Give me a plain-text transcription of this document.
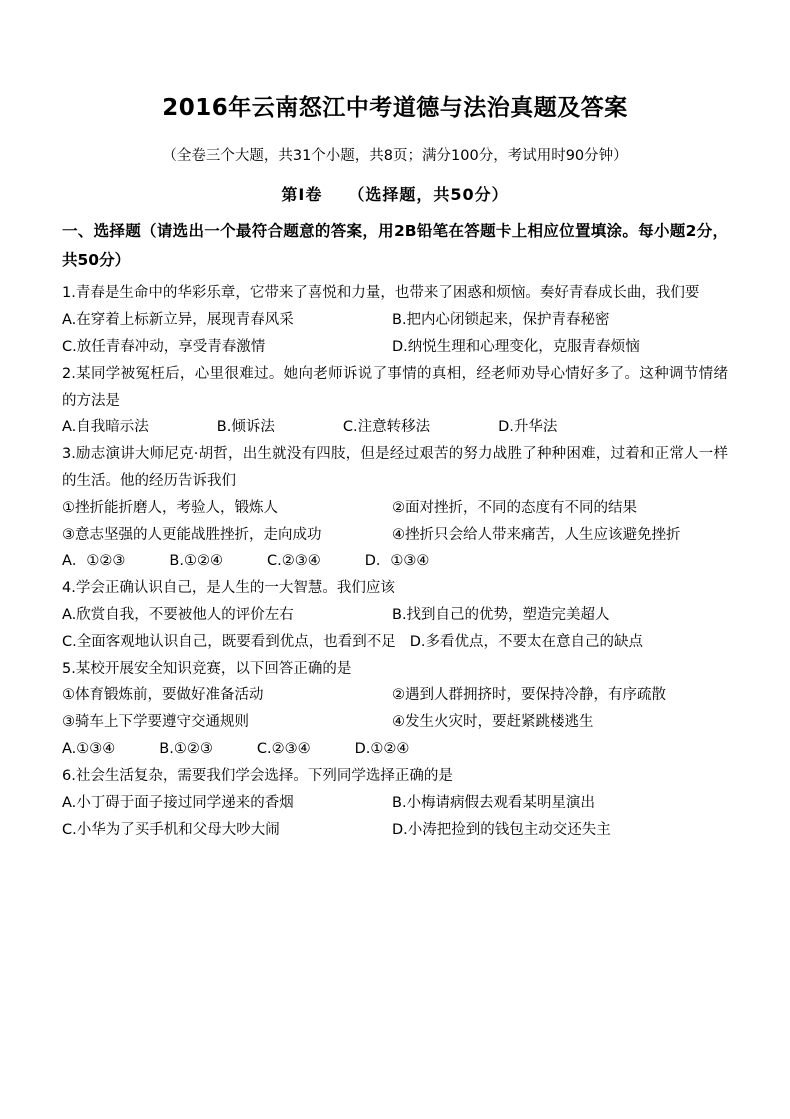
2016年云南怒江中考道德与法治真题及答案

（全卷三个大题，共31个小题，共8页；满分100分，考试用时90分钟）

第Ⅰ卷 （选择题，共50分）

一、选择题（请选出一个最符合题意的答案，用2B铅笔在答题卡上相应位置填涂。每小题2分，共50分）

1.青春是生命中的华彩乐章，它带来了喜悦和力量，也带来了困惑和烦恼。奏好青春成长曲，我们要

A.在穿着上标新立异，展现青春风采	B.把内心闭锁起来，保护青春秘密
C.放任青春冲动，享受青春激情	D.纳悦生理和心理变化，克服青春烦恼

2.某同学被冤枉后，心里很难过。她向老师诉说了事情的真相，经老师劝导心情好多了。这种调节情绪的方法是

A.自我暗示法	B.倾诉法	C.注意转移法	D.升华法

3.励志演讲大师尼克·胡哲，出生就没有四肢，但是经过艰苦的努力战胜了种种困难，过着和正常人一样的生活。他的经历告诉我们

①挫折能折磨人，考验人，锻炼人	②面对挫折，不同的态度有不同的结果
③意志坚强的人更能战胜挫折，走向成功	④挫折只会给人带来痛苦，人生应该避免挫折

A．①②③	B.①②④	C.②③④	D．①③④

4.学会正确认识自己，是人生的一大智慧。我们应该

A.欣赏自我，不要被他人的评价左右	B.找到自己的优势，塑造完美超人

C.全面客观地认识自己，既要看到优点，也看到不足 D.多看优点，不要太在意自己的缺点

5.某校开展安全知识竞赛，以下回答正确的是

①体育锻炼前，要做好准备活动	②遇到人群拥挤时，要保持冷静，有序疏散
③骑车上下学要遵守交通规则	④发生火灾时，要赶紧跳楼逃生

A.①③④	B.①②③	C.②③④	D.①②④

6.社会生活复杂，需要我们学会选择。下列同学选择正确的是

A.小丁碍于面子接过同学递来的香烟	B.小梅请病假去观看某明星演出
C.小华为了买手机和父母大吵大闹	D.小涛把捡到的钱包主动交还失主
